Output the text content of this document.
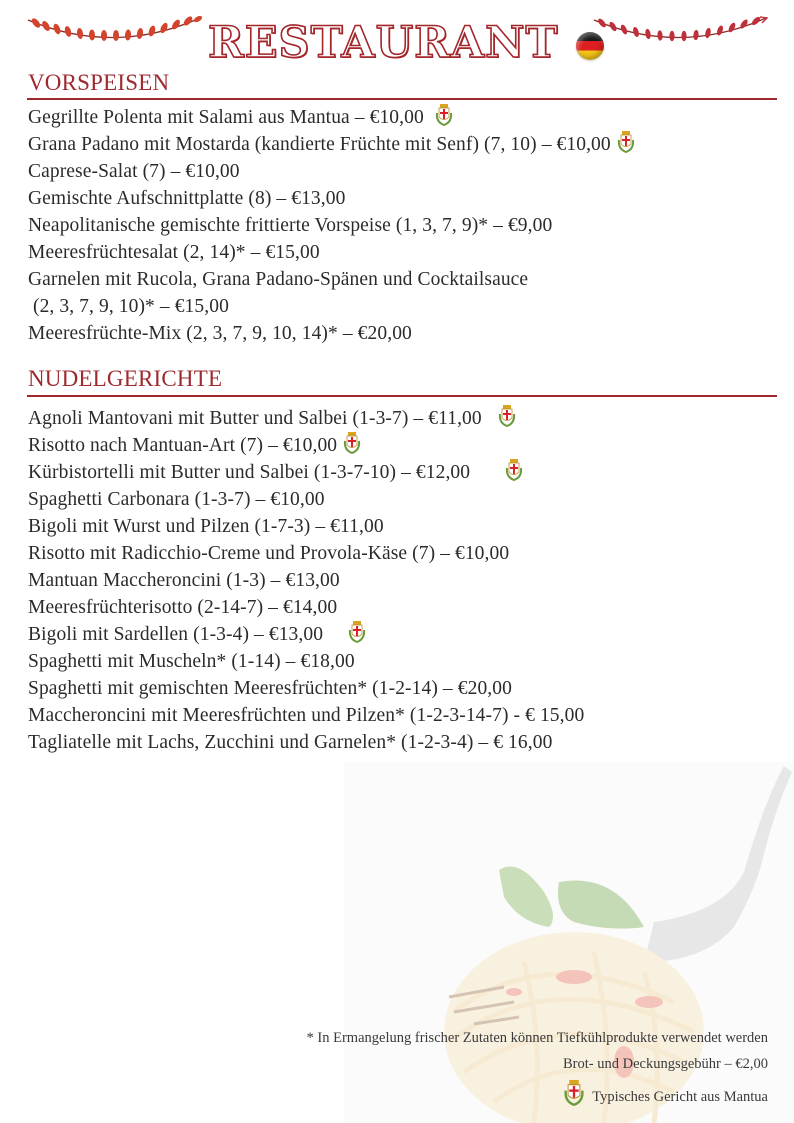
RESTAURANT
VORSPEISEN
Gegrillte Polenta mit Salami aus Mantua – €10,00
Grana Padano mit Mostarda (kandierte Früchte mit Senf) (7, 10) – €10,00
Caprese-Salat (7) – €10,00
Gemischte Aufschnittplatte (8) – €13,00
Neapolitanische gemischte frittierte Vorspeise (1, 3, 7, 9)* – €9,00
Meeresfrüchtesalat (2, 14)* – €15,00
Garnelen mit Rucola, Grana Padano-Spänen und Cocktailsauce
(2, 3, 7, 9, 10)* – €15,00
Meeresfrüchte-Mix (2, 3, 7, 9, 10, 14)* – €20,00
NUDELGERICHTE
Agnoli Mantovani mit Butter und Salbei (1-3-7) – €11,00
Risotto nach Mantuan-Art (7) – €10,00
Kürbistortelli mit Butter und Salbei (1-3-7-10) – €12,00
Spaghetti Carbonara (1-3-7) – €10,00
Bigoli mit Wurst und Pilzen (1-7-3) – €11,00
Risotto mit Radicchio-Creme und Provola-Käse (7) – €10,00
Mantuan Maccheroncini (1-3) – €13,00
Meeresfrüchterisotto (2-14-7) – €14,00
Bigoli mit Sardellen (1-3-4) – €13,00
Spaghetti mit Muscheln* (1-14) – €18,00
Spaghetti mit gemischten Meeresfrüchten* (1-2-14) – €20,00
Maccheroncini mit Meeresfrüchten und Pilzen* (1-2-3-14-7) - € 15,00
Tagliatelle mit Lachs, Zucchini und Garnelen* (1-2-3-4) – € 16,00
* In Ermangelung frischer Zutaten können Tiefkühlprodukte verwendet werden
Brot- und Deckungsgebühr – €2,00
Typisches Gericht aus Mantua
